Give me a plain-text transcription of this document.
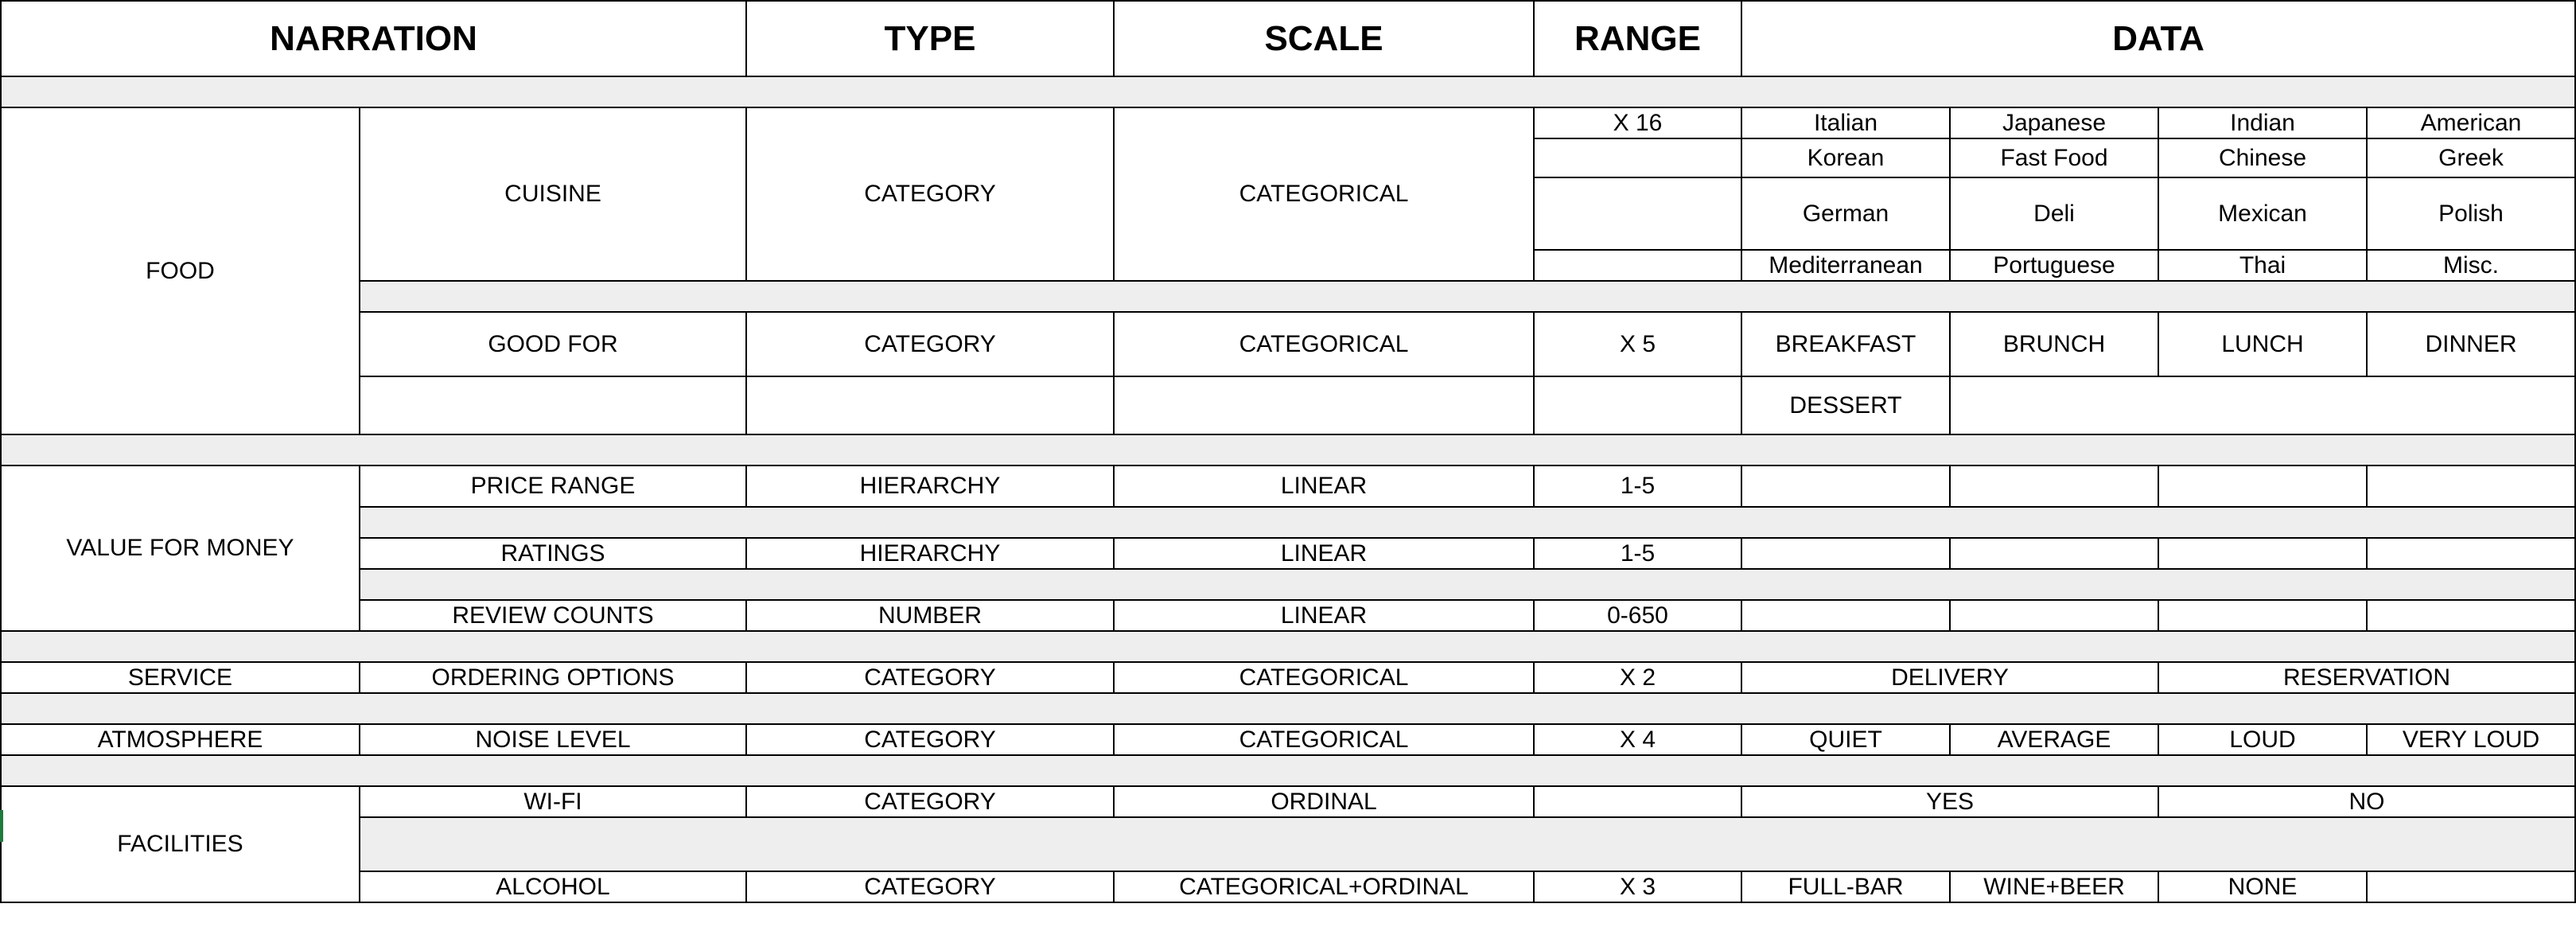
NARRATION		TYPE	SCALE	RANGE	DATA			

FOOD	CUISINE	CATEGORY	CATEGORICAL	X 16	Italian	Japanese	Indian	American
					Korean	Fast Food	Chinese	Greek
					German	Deli	Mexican	Polish
					Mediterranean	Portuguese	Thai	Misc.

	GOOD FOR	CATEGORY	CATEGORICAL	X 5	BREAKFAST	BRUNCH	LUNCH	DINNER
					DESSERT			

VALUE FOR MONEY	PRICE RANGE	HIERARCHY	LINEAR	1-5				

	RATINGS	HIERARCHY	LINEAR	1-5				

	REVIEW COUNTS	NUMBER	LINEAR	0-650				

SERVICE	ORDERING OPTIONS	CATEGORY	CATEGORICAL	X 2	DELIVERY		RESERVATION	

ATMOSPHERE	NOISE LEVEL	CATEGORY	CATEGORICAL	X 4	QUIET	AVERAGE	LOUD	VERY LOUD

FACILITIES	WI-FI	CATEGORY	ORDINAL		YES		NO	

	ALCOHOL	CATEGORY	CATEGORICAL+ORDINAL	X 3	FULL-BAR	WINE+BEER	NONE	
